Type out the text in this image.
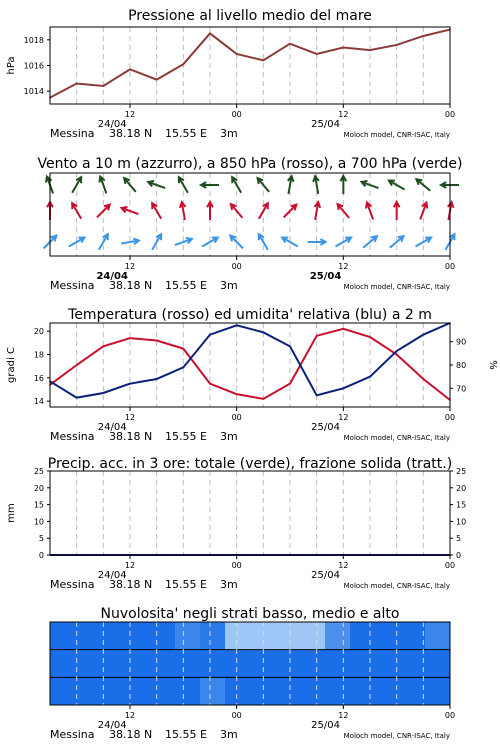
Pressione al livello medio del mare
1014
1016
1018
hPa
12	00	12	00
24/04	25/04
Messina 38.18 N 15.55 E 3m	Moloch model, CNR-ISAC, Italy
Vento a 10 m (azzurro), a 850 hPa (rosso), a 700 hPa (verde)
12	00	12	00
24/04	25/04
Messina 38.18 N 15.55 E 3m	Moloch model, CNR-ISAC, Italy
Temperatura (rosso) ed umidita' relativa (blu) a 2 m
14
16
18
20
70
80
90
gradi C	%
12	00	12	00
24/04	25/04
Messina 38.18 N 15.55 E 3m	Moloch model, CNR-ISAC, Italy
Precip. acc. in 3 ore: totale (verde), frazione solida (tratt.)
0
5
10
15
20
25
0
5
10
15
20
25
mm
12	00	12	00
24/04	25/04
Messina 38.18 N 15.55 E 3m	Moloch model, CNR-ISAC, Italy
Nuvolosita' negli strati basso, medio e alto
12	00	12	00
24/04	25/04
Messina 38.18 N 15.55 E 3m	Moloch model, CNR-ISAC, Italy
